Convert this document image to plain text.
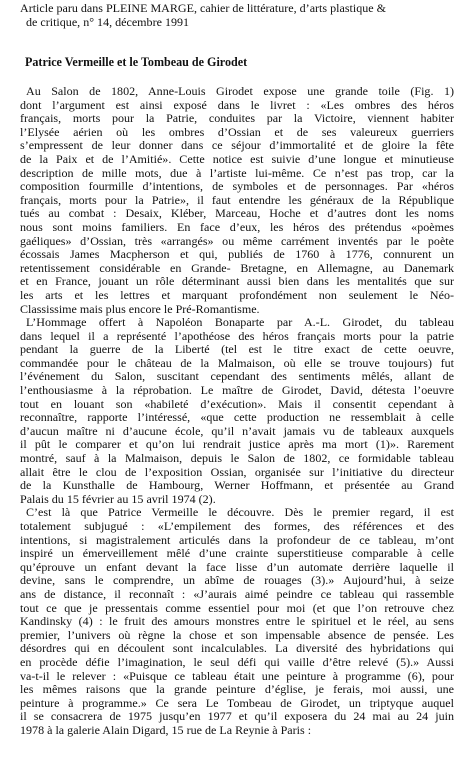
Article paru dans PLEINE MARGE, cahier de littérature, d’arts plastique &
de critique, n° 14, décembre 1991
Patrice Vermeille et le Tombeau de Girodet
Au Salon de 1802, Anne-Louis Girodet expose une grande toile (Fig. 1)
dont l’argument est ainsi exposé dans le livret : «Les ombres des héros
français, morts pour la Patrie, conduites par la Victoire, viennent habiter
l’Elysée aérien où les ombres d’Ossian et de ses valeureux guerriers
s’empressent de leur donner dans ce séjour d’immortalité et de gloire la fête
de la Paix et de l’Amitié». Cette notice est suivie d’une longue et minutieuse
description de mille mots, due à l’artiste lui-même. Ce n’est pas trop, car la
composition fourmille d’intentions, de symboles et de personnages. Par «héros
français, morts pour la Patrie», il faut entendre les généraux de la République
tués au combat : Desaix, Kléber, Marceau, Hoche et d’autres dont les noms
nous sont moins familiers. En face d’eux, les héros des prétendus «poèmes
gaéliques» d’Ossian, très «arrangés» ou même carrément inventés par le poète
écossais James Macpherson et qui, publiés de 1760 à 1776, connurent un
retentissement considérable en Grande- Bretagne, en Allemagne, au Danemark
et en France, jouant un rôle déterminant aussi bien dans les mentalités que sur
les arts et les lettres et marquant profondément non seulement le Néo-
Classissime mais plus encore le Pré-Romantisme.
L’Hommage offert à Napoléon Bonaparte par A.-L. Girodet, du tableau
dans lequel il a représenté l’apothéose des héros français morts pour la patrie
pendant la guerre de la Liberté (tel est le titre exact de cette oeuvre,
commandée pour le château de la Malmaison, où elle se trouve toujours) fut
l’événement du Salon, suscitant cependant des sentiments mêlés, allant de
l’enthousiasme à la réprobation. Le maître de Girodet, David, détesta l’oeuvre
tout en louant son «habileté d’exécution». Mais il consentit cependant à
reconnaître, rapporte l’intéressé, «que cette production ne ressemblait à celle
d’aucun maître ni d’aucune école, qu’il n’avait jamais vu de tableaux auxquels
il pût le comparer et qu’on lui rendrait justice après ma mort (1)». Rarement
montré, sauf à la Malmaison, depuis le Salon de 1802, ce formidable tableau
allait être le clou de l’exposition Ossian, organisée sur l’initiative du directeur
de la Kunsthalle de Hambourg, Werner Hoffmann, et présentée au Grand
Palais du 15 février au 15 avril 1974 (2).
C’est là que Patrice Vermeille le découvre. Dès le premier regard, il est
totalement subjugué : «L’empilement des formes, des références et des
intentions, si magistralement articulés dans la profondeur de ce tableau, m’ont
inspiré un émerveillement mêlé d’une crainte superstitieuse comparable à celle
qu’éprouve un enfant devant la face lisse d’un automate derrière laquelle il
devine, sans le comprendre, un abîme de rouages (3).» Aujourd’hui, à seize
ans de distance, il reconnaît : «J’aurais aimé peindre ce tableau qui rassemble
tout ce que je pressentais comme essentiel pour moi (et que l’on retrouve chez
Kandinsky (4) : le fruit des amours monstres entre le spirituel et le réel, au sens
premier, l’univers où règne la chose et son impensable absence de pensée. Les
désordres qui en découlent sont incalculables. La diversité des hybridations qui
en procède défie l’imagination, le seul défi qui vaille d’être relevé (5).» Aussi
va-t-il le relever : «Puisque ce tableau était une peinture à programme (6), pour
les mêmes raisons que la grande peinture d’église, je ferais, moi aussi, une
peinture à programme.» Ce sera Le Tombeau de Girodet, un triptyque auquel
il se consacrera de 1975 jusqu’en 1977 et qu’il exposera du 24 mai au 24 juin
1978 à la galerie Alain Digard, 15 rue de La Reynie à Paris :
